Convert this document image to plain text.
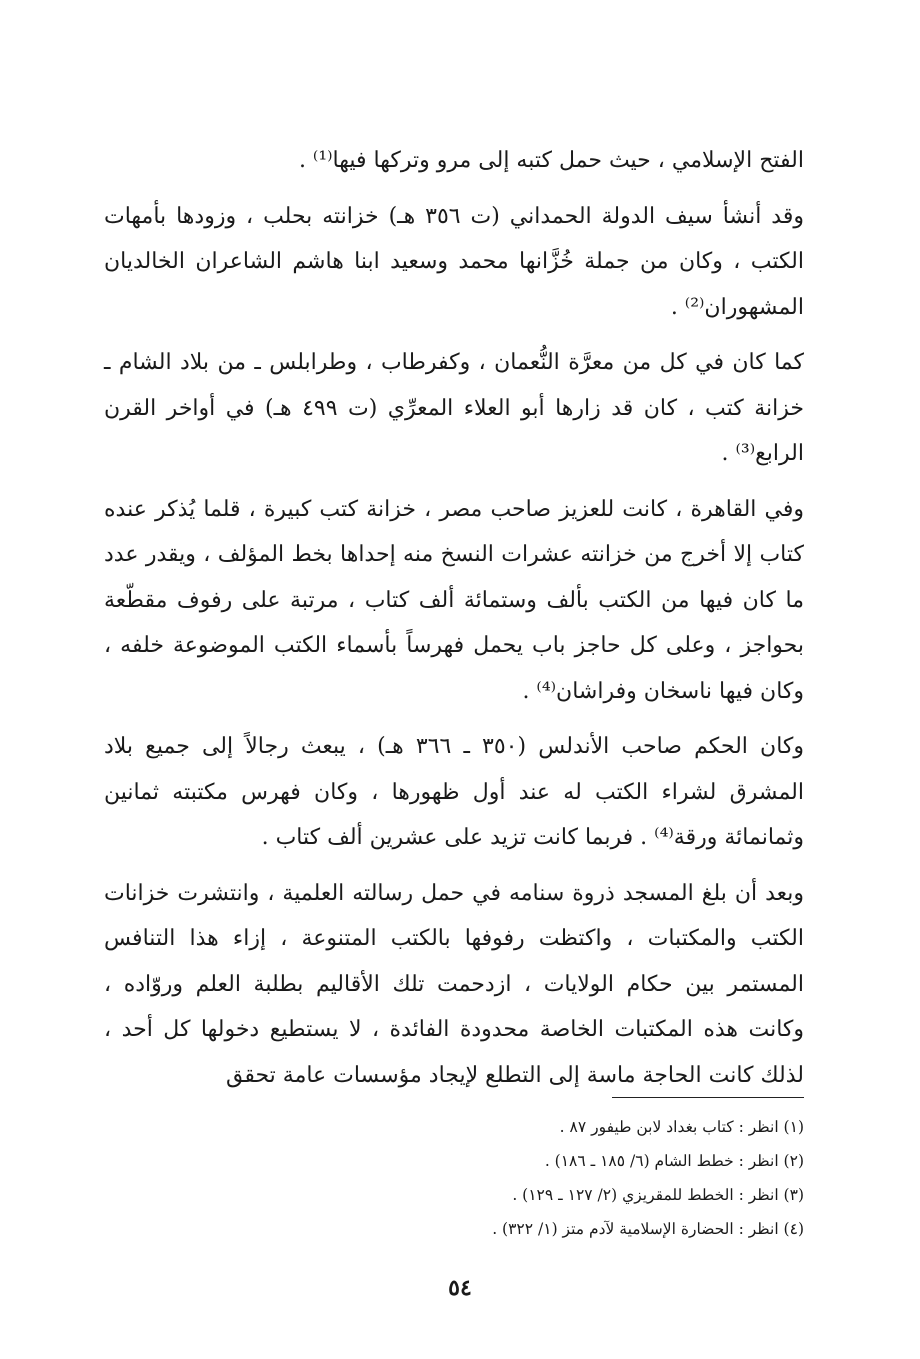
الفتح الإسلامي ، حيث حمل كتبه إلى مرو وتركها فيها⁽¹⁾ .

وقد أنشأ سيف الدولة الحمداني (ت ٣٥٦ هـ) خزانته بحلب ، وزودها بأمهات الكتب ، وكان من جملة خُزَّانها محمد وسعيد ابنا هاشم الشاعران الخالديان المشهوران⁽²⁾ .

كما كان في كل من معرَّة النُّعمان ، وكفرطاب ، وطرابلس ـ من بلاد الشام ـ خزانة كتب ، كان قد زارها أبو العلاء المعرِّي (ت ٤٩٩ هـ) في أواخر القرن الرابع⁽³⁾ .

وفي القاهرة ، كانت للعزيز صاحب مصر ، خزانة كتب كبيرة ، قلما يُذكر عنده كتاب إلا أخرج من خزانته عشرات النسخ منه إحداها بخط المؤلف ، ويقدر عدد ما كان فيها من الكتب بألف وستمائة ألف كتاب ، مرتبة على رفوف مقطّعة بحواجز ، وعلى كل حاجز باب يحمل فهرساً بأسماء الكتب الموضوعة خلفه ، وكان فيها ناسخان وفراشان⁽⁴⁾ .

وكان الحكم صاحب الأندلس (٣٥٠ ـ ٣٦٦ هـ) ، يبعث رجالاً إلى جميع بلاد المشرق لشراء الكتب له عند أول ظهورها ، وكان فهرس مكتبته ثمانين وثمانمائة ورقة⁽⁴⁾ . فربما كانت تزيد على عشرين ألف كتاب .

وبعد أن بلغ المسجد ذروة سنامه في حمل رسالته العلمية ، وانتشرت خزانات الكتب والمكتبات ، واكتظت رفوفها بالكتب المتنوعة ، إزاء هذا التنافس المستمر بين حكام الولايات ، ازدحمت تلك الأقاليم بطلبة العلم وروّاده ، وكانت هذه المكتبات الخاصة محدودة الفائدة ، لا يستطيع دخولها كل أحد ، لذلك كانت الحاجة ماسة إلى التطلع لإيجاد مؤسسات عامة تحقق

(١) انظر : كتاب بغداد لابن طيفور ٨٧ .

(٢) انظر : خطط الشام (٦/ ١٨٥ ـ ١٨٦) .

(٣) انظر : الخطط للمقريزي (٢/ ١٢٧ ـ ١٢٩) .

(٤) انظر : الحضارة الإسلامية لآدم متز (١/ ٣٢٢) .

٥٤
